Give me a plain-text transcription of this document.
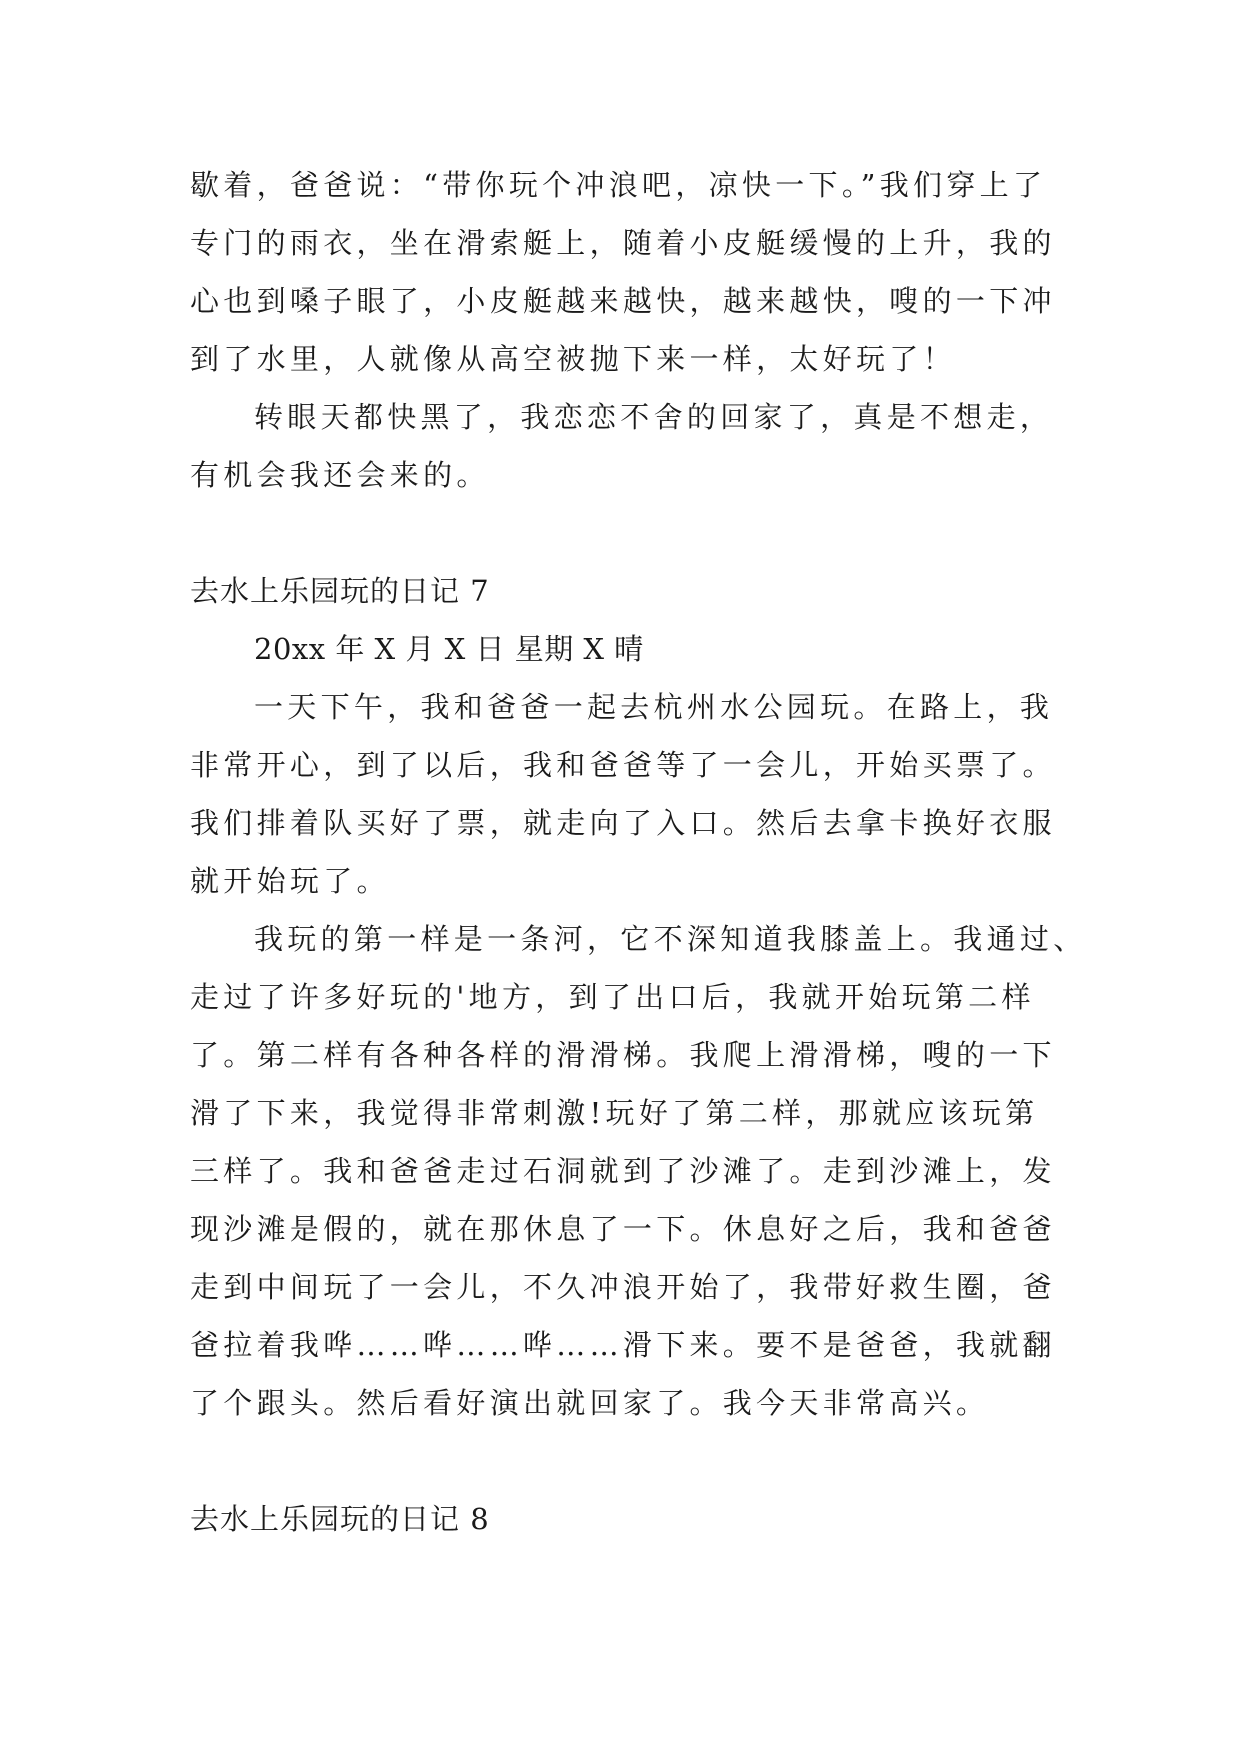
歇着，爸爸说：“带你玩个冲浪吧，凉快一下。”我们穿上了
专门的雨衣，坐在滑索艇上，随着小皮艇缓慢的上升，我的
心也到嗓子眼了，小皮艇越来越快，越来越快，嗖的一下冲
到了水里，人就像从高空被抛下来一样，太好玩了！
转眼天都快黑了，我恋恋不舍的回家了，真是不想走，
有机会我还会来的。
去水上乐园玩的日记 7
20xx 年 X 月 X 日 星期 X 晴
一天下午，我和爸爸一起去杭州水公园玩。在路上，我
非常开心，到了以后，我和爸爸等了一会儿，开始买票了。
我们排着队买好了票，就走向了入口。然后去拿卡换好衣服
就开始玩了。
我玩的第一样是一条河，它不深知道我膝盖上。我通过、
走过了许多好玩的'地方，到了出口后，我就开始玩第二样
了。第二样有各种各样的滑滑梯。我爬上滑滑梯，嗖的一下
滑了下来，我觉得非常刺激!玩好了第二样，那就应该玩第
三样了。我和爸爸走过石洞就到了沙滩了。走到沙滩上，发
现沙滩是假的，就在那休息了一下。休息好之后，我和爸爸
走到中间玩了一会儿，不久冲浪开始了，我带好救生圈，爸
爸拉着我哗……哗……哗……滑下来。要不是爸爸，我就翻
了个跟头。然后看好演出就回家了。我今天非常高兴。
去水上乐园玩的日记 8
